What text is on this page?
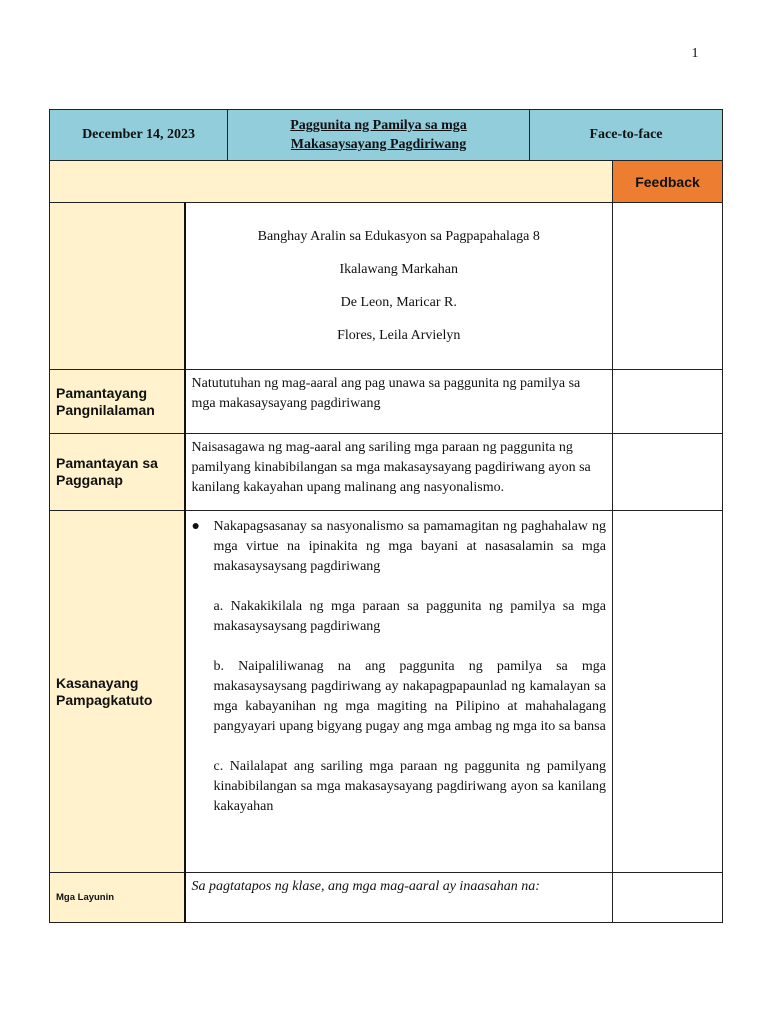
1
December 14, 2023		Paggunita ng Pamilya sa mga
Makasaysayang Pagdiriwang	Face-to-face	
				Feedback

	Banghay Aralin sa Edukasyon sa Pagpapahalaga 8
Ikalawang Markahan
De Leon, Maricar R.
Flores, Leila Arvielyn			

Pamantayang Pangnilalaman	Natututuhan ng mag-aaral ang pag unawa sa paggunita ng pamilya sa mga makasaysayang pagdiriwang			
Pamantayan sa Pagganap	Naisasagawa ng mag-aaral ang sariling mga paraan ng paggunita ng pamilyang kinabibilangan sa mga makasaysayang pagdiriwang ayon sa kanilang kakayahan upang malinang ang nasyonalismo.			
Kasanayang Pampagkatuto	● Nakapagsasanay sa nasyonalismo sa pamamagitan ng paghahalaw ng mga virtue na ipinakita ng mga bayani at nasasalamin sa mga makasaysaysang pagdiriwang
a. Nakakikilala ng mga paraan sa paggunita ng pamilya sa mga makasaysaysang pagdiriwang
b. Naipaliliwanag na ang paggunita ng pamilya sa mga makasaysaysang pagdiriwang ay nakapagpapaunlad ng kamalayan sa mga kabayanihan ng mga magiting na Pilipino at mahahalagang pangyayari upang bigyang pugay ang mga ambag ng mga ito sa bansa
c. Nailalapat ang sariling mga paraan ng paggunita ng pamilyang kinabibilangan sa mga makasaysayang pagdiriwang ayon sa kanilang kakayahan			

Mga Layunin	Sa pagtatapos ng klase, ang mga mag-aaral ay inaasahan na:			
